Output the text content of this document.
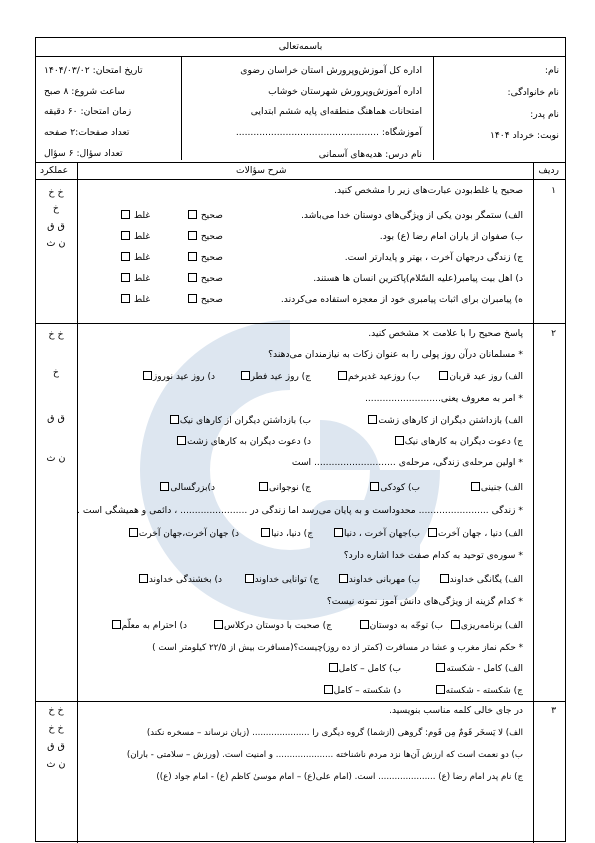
باسمه‌تعالی
نام:
نام خانوادگی:
نام پدر:
نوبت: خرداد ۱۴۰۴
اداره کل آموزش‌وپرورش استان خراسان رضوی
اداره آموزش‌وپرورش شهرستان خوشاب
امتحانات هماهنگ منطقه‌ای پایه ششم ابتدایی
آموزشگاه: .................................................
نام درس: هدیه‌های آسمانی
تاریخ امتحان: ۱۴۰۴/۰۳/۰۲
ساعت شروع: ۸ صبح
زمان امتحان: ۶۰ دقیقه
تعداد صفحات:۲ صفحه
تعداد سؤال: ۶ سؤال
ردیف
شرح سؤالات
عملکرد
۱
صحیح یا غلط‌بودن عبارت‌های زیر را مشخص کنید.
خ خ
خ
ق ق
ن ث
الف) ستمگر بودن یکی از ویژگی‌های دوستان خدا می‌باشد.
ب) صفوان از یاران امام رضا (ع) بود.
ج) زندگی درجهان آخرت ، بهتر و پایدارتر است.
د) اهل بیت پیامبر(علیه السّلام)پاکترین انسان ها هستند.
ه) پیامبران برای اثبات پیامبری خود از معجزه استفاده می‌کردند.
صحیح
غلط
صحیح
غلط
صحیح
غلط
صحیح
غلط
صحیح
غلط
۲
پاسخ صحیح را با علامت × مشخص کنید.
خ خ
خ
ق ق
ن ث
* مسلمانان درآن روز پولی را به عنوان زکات به نیازمندان می‌دهند؟
الف) روز عید قربان
ب) روزعید غدیرخم
ج) روز عید فطر
د) روز عید نوروز
* امر به معروف یعنی..........................
الف) بازداشتن دیگران از کارهای زشت
ب) بازداشتن دیگران از کارهای نیک
ج) دعوت دیگران به کارهای نیک
د) دعوت دیگران به کارهای زشت
* اولین مرحله‌ی زندگی، مرحله‌ی ............................ است
الف) جنینی
ب) کودکی
ج) نوجوانی
د)بزرگسالی
* زندگی ........................ محدوداست و به پایان می‌رسد اما زندگی در ....................... ، دائمی و همیشگی است .
الف) دنیا ، جهان آخرت
ب)جهان آخرت ، دنیا
ج) دنیا، دنیا
د) جهان آخرت،جهان آخرت
* سوره‌ی توحید به کدام صفت خدا اشاره دارد؟
الف) یگانگی خداوند
ب) مهربانی خداوند
ج) توانایی خداوند
د) بخشندگی خداوند
* کدام گزینه از ویژگی‌های دانش آموز نمونه نیست؟
الف) برنامه‌ریزی
ب) توجّه به دوستان
ج) صحبت با دوستان درکلاس
د) احترام به معلّم
* حکم نماز مغرب و عشا در مسافرت (کمتر از ده روز)چیست؟(مسافرت بیش از ۲۲/۵ کیلومتر است )
الف) کامل - شکسته
ب) کامل – کامل
ج) شکسته - شکسته
د) شکسته – کامل
۳
در جای خالی کلمه مناسب بنویسید.
خ خ
خ خ
ق ق
ن ث
الف) لا یَسخَر قَومٌ مِن قَوم: گروهی (ازشما) گروه دیگری را ..................... (زبان نرساند – مسخره نکند)
ب) دو نعمت است که ارزش آن‌ها نزد مردم ناشناخته ..................... و امنیت است. (ورزش – سلامتی - باران)
ج) نام پدر امام رضا (ع) ..................... است. (امام علی(ع) – امام موسیٰ کاظم (ع) - امام جواد (ع))
